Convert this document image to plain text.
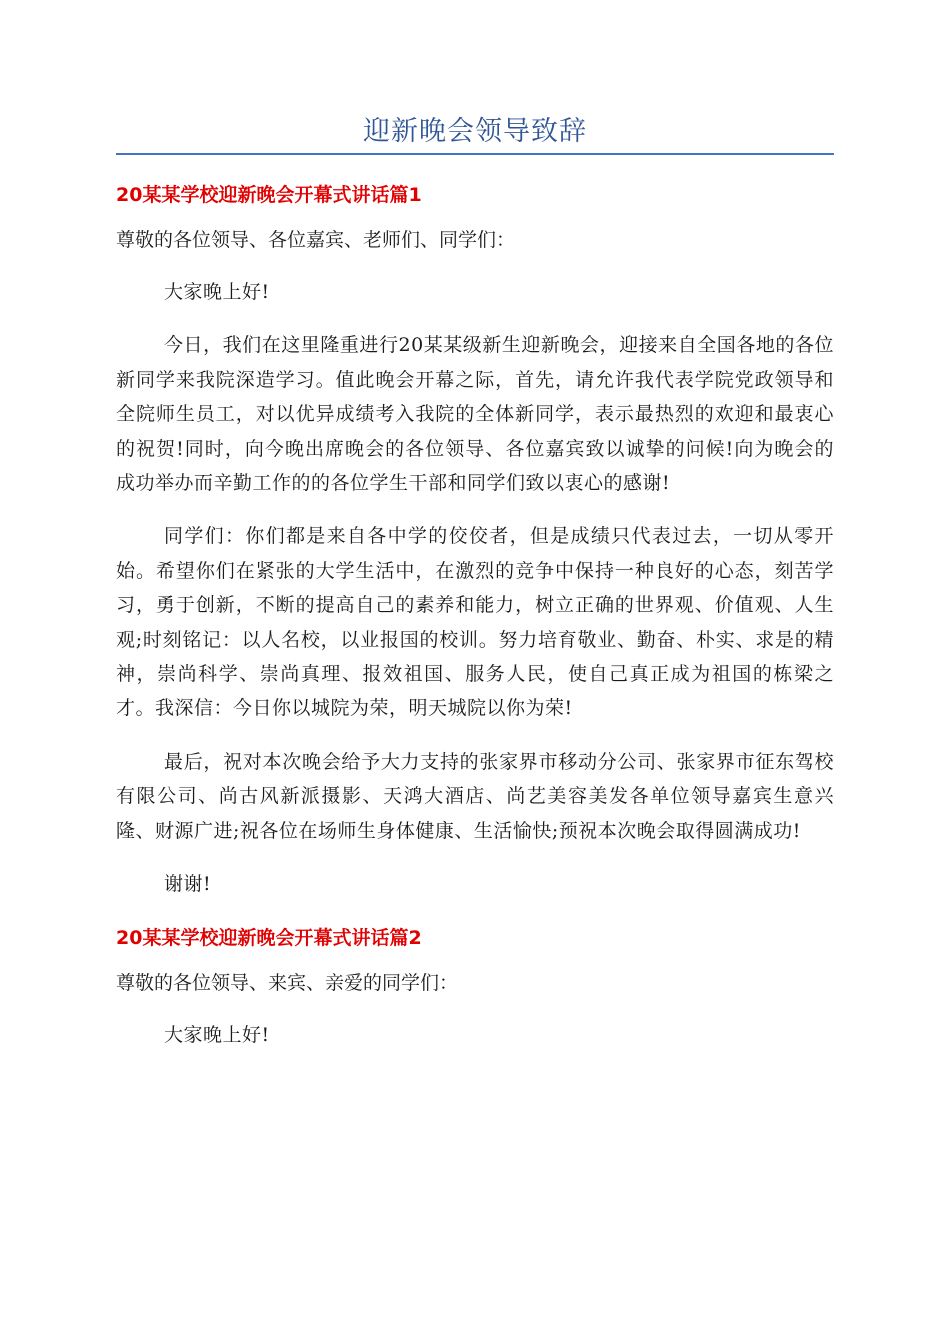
迎新晚会领导致辞
20某某学校迎新晚会开幕式讲话篇1
尊敬的各位领导、各位嘉宾、老师们、同学们：

大家晚上好!

今日，我们在这里隆重进行20某某级新生迎新晚会，迎接来自全国各地的各位新同学来我院深造学习。值此晚会开幕之际，首先，请允许我代表学院党政领导和全院师生员工，对以优异成绩考入我院的全体新同学，表示最热烈的欢迎和最衷心的祝贺!同时，向今晚出席晚会的各位领导、各位嘉宾致以诚挚的问候!向为晚会的成功举办而辛勤工作的的各位学生干部和同学们致以衷心的感谢!

同学们：你们都是来自各中学的佼佼者，但是成绩只代表过去，一切从零开始。希望你们在紧张的大学生活中，在激烈的竞争中保持一种良好的心态，刻苦学习，勇于创新，不断的提高自己的素养和能力，树立正确的世界观、价值观、人生观;时刻铭记：以人名校，以业报国的校训。努力培育敬业、勤奋、朴实、求是的精神，崇尚科学、崇尚真理、报效祖国、服务人民，使自己真正成为祖国的栋梁之才。我深信：今日你以城院为荣，明天城院以你为荣!

最后，祝对本次晚会给予大力支持的张家界市移动分公司、张家界市征东驾校有限公司、尚古风新派摄影、天鸿大酒店、尚艺美容美发各单位领导嘉宾生意兴隆、财源广进;祝各位在场师生身体健康、生活愉快;预祝本次晚会取得圆满成功!

谢谢!

20某某学校迎新晚会开幕式讲话篇2
尊敬的各位领导、来宾、亲爱的同学们：

大家晚上好!
